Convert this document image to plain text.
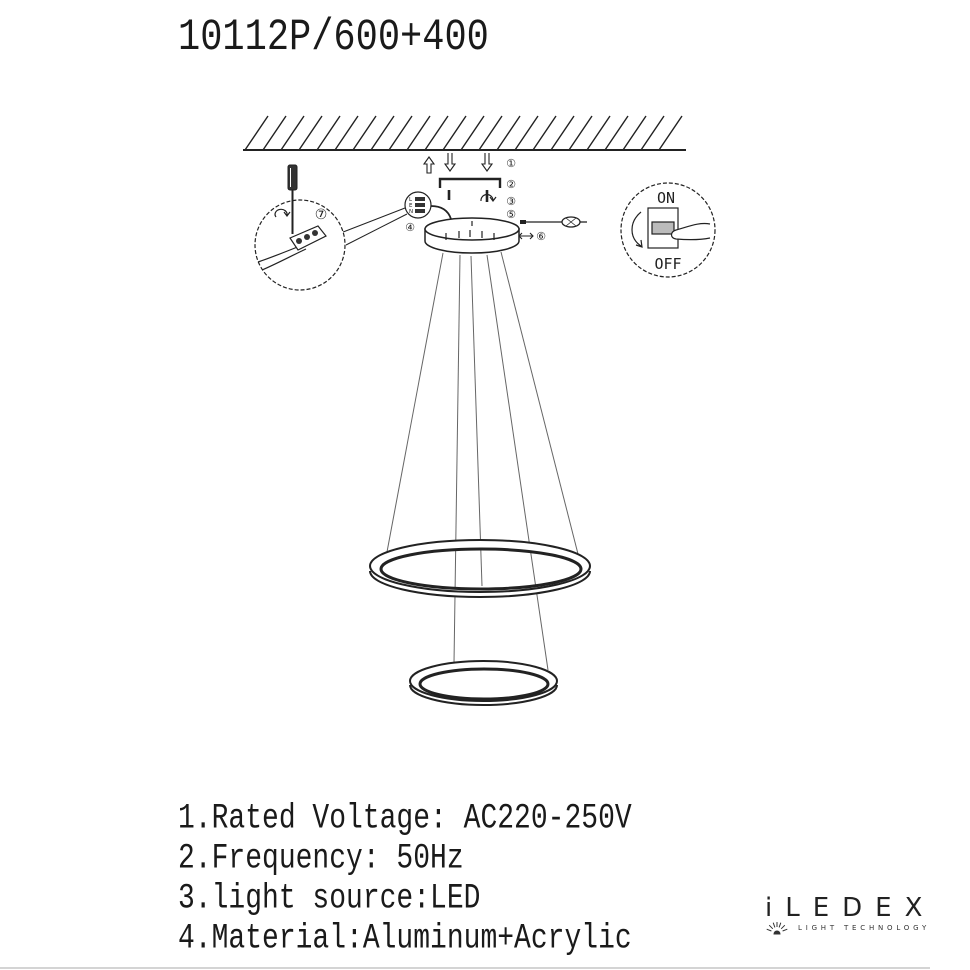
L
E
N
ON
OFF
①
②
③
④
⑤
⑥
⑦
10112P/600+400
1.Rated Voltage: AC220-250V
2.Frequency: 50Hz
3.light source:LED
4.Material:Aluminum+Acrylic
iLEDEX
LIGHT TECHNOLOGY
